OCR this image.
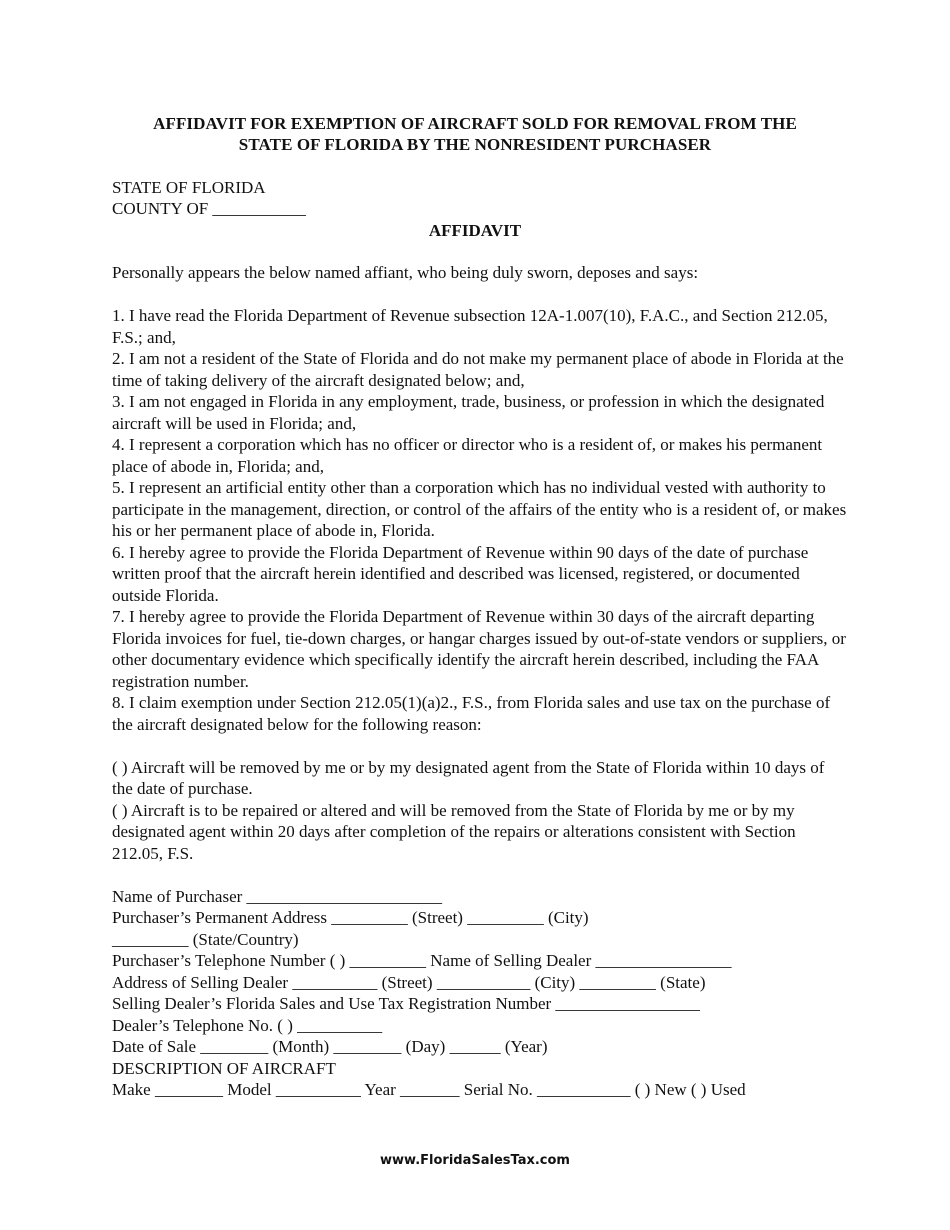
AFFIDAVIT FOR EXEMPTION OF AIRCRAFT SOLD FOR REMOVAL FROM THE
STATE OF FLORIDA BY THE NONRESIDENT PURCHASER
STATE OF FLORIDA
COUNTY OF ___________
AFFIDAVIT

Personally appears the below named affiant, who being duly sworn, deposes and says:

1. I have read the Florida Department of Revenue subsection 12A-1.007(10), F.A.C., and Section 212.05, F.S.; and,

2. I am not a resident of the State of Florida and do not make my permanent place of abode in Florida at the time of taking delivery of the aircraft designated below; and,

3. I am not engaged in Florida in any employment, trade, business, or profession in which the designated aircraft will be used in Florida; and,

4. I represent a corporation which has no officer or director who is a resident of, or makes his permanent place of abode in, Florida; and,

5. I represent an artificial entity other than a corporation which has no individual vested with authority to participate in the management, direction, or control of the affairs of the entity who is a resident of, or makes his or her permanent place of abode in, Florida.

6. I hereby agree to provide the Florida Department of Revenue within 90 days of the date of purchase written proof that the aircraft herein identified and described was licensed, registered, or documented outside Florida.

7. I hereby agree to provide the Florida Department of Revenue within 30 days of the aircraft departing Florida invoices for fuel, tie-down charges, or hangar charges issued by out-of-state vendors or suppliers, or other documentary evidence which specifically identify the aircraft herein described, including the FAA registration number.

8. I claim exemption under Section 212.05(1)(a)2., F.S., from Florida sales and use tax on the purchase of the aircraft designated below for the following reason:

( ) Aircraft will be removed by me or by my designated agent from the State of Florida within 10 days of the date of purchase.

( ) Aircraft is to be repaired or altered and will be removed from the State of Florida by me or by my designated agent within 20 days after completion of the repairs or alterations consistent with Section 212.05, F.S.

Name of Purchaser _______________________
Purchaser’s Permanent Address _________ (Street) _________ (City)
_________ (State/Country)
Purchaser’s Telephone Number ( ) _________ Name of Selling Dealer ________________
Address of Selling Dealer __________ (Street) ___________ (City) _________ (State)
Selling Dealer’s Florida Sales and Use Tax Registration Number _________________
Dealer’s Telephone No. ( ) __________
Date of Sale ________ (Month) ________ (Day) ______ (Year)
DESCRIPTION OF AIRCRAFT
Make ________ Model __________ Year _______ Serial No. ___________ ( ) New ( ) Used
www.FloridaSalesTax.com
